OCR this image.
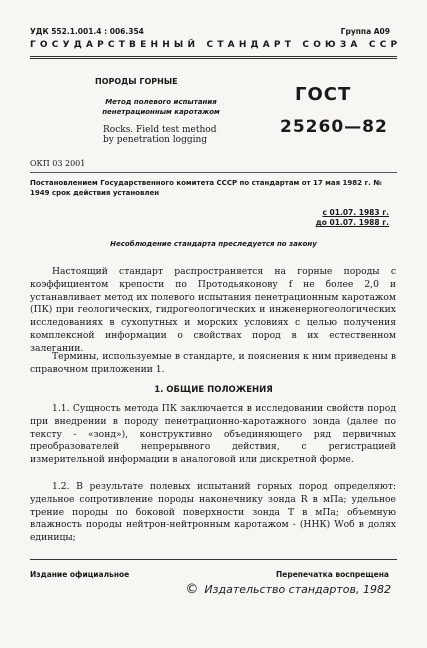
УДК 552.1.001.4 : 006.354	Группа А09
ГОСУДАРСТВЕННЫЙ СТАНДАРТ СОЮЗА ССР
ПОРОДЫ ГОРНЫЕ
Метод полевого испытания
пенетрационным каротажом
Rocks. Field test method
by penetration logging
ГОСТ
25260—82
ОКП 03 2001
Постановлением Государственного комитета СССР по стандартам от 17 мая 1982 г. № 1949 срок действия установлен
с 01.07. 1983 г.
до 01.07. 1988 г.
Несоблюдение стандарта преследуется по закону

Настоящий стандарт распространяется на горные породы с коэффициентом крепости по Протодьяконову f не более 2,0 и устанавливает метод их полевого испытания пенетрационным каротажом (ПК) при геологических, гидрогеологических и инженерногеологических исследованиях в сухопутных и морских условиях с целью получения комплексной информации о свойствах пород в их естественном залегании.

Термины, используемые в стандарте, и пояснения к ним приведены в справочном приложении 1.

1. ОБЩИЕ ПОЛОЖЕНИЯ

1.1. Сущность метода ПК заключается в исследовании свойств пород при внедрении в породу пенетрационно-каротажного зонда (далее по тексту - «зонд»), конструктивно объединяющего ряд первичных преобразователей непрерывного действия, с регистрацией измерительной информации в аналоговой или дискретной форме.

1.2. В результате полевых испытаний горных пород определяют: удельное сопротивление породы наконечнику зонда R в мПа; удельное трение породы по боковой поверхности зонда T в мПа; объемную влажность породы нейтрон-нейтронным каротажом - (ННК) Wоб в долях единицы;

Издание официальное	Перепечатка воспрещена
© Издательство стандартов, 1982
